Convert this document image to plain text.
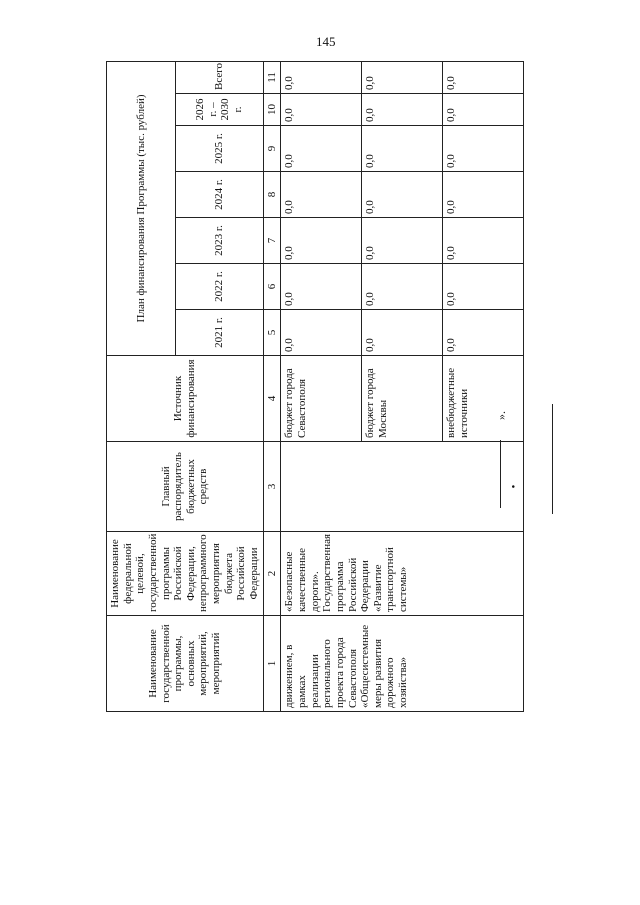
145
Наименование государственной программы, основных мероприятий, мероприятий	Наименование федеральной целевой, государственной программы Российской Федерации, непрограммного мероприятия бюджета Российской Федерации	Главный распорядитель бюджетных средств	Источник финансирования	План финансирования Программы (тыс. рублей)						
				2021 г.	2022 г.	2023 г.	2024 г.	2025 г.	2026 г. – 2030 г.	Всего
1	2	3	4	5	6	7	8	9	10	11
движением, в рамках реализации регионального проекта города Севастополя «Общесистемные меры развития дорожного хозяйства»	«Безопасные качественные дороги». Государственная программа Российской Федерации «Развитие транспортной системы»	•	бюджет города Севастополя	0,0	0,0	0,0	0,0	0,0	0,0	0,0
			бюджет города Москвы	0,0	0,0	0,0	0,0	0,0	0,0	0,0
			внебюджетные источники	0,0	0,0	0,0	0,0	0,0	0,0	0,0
».
